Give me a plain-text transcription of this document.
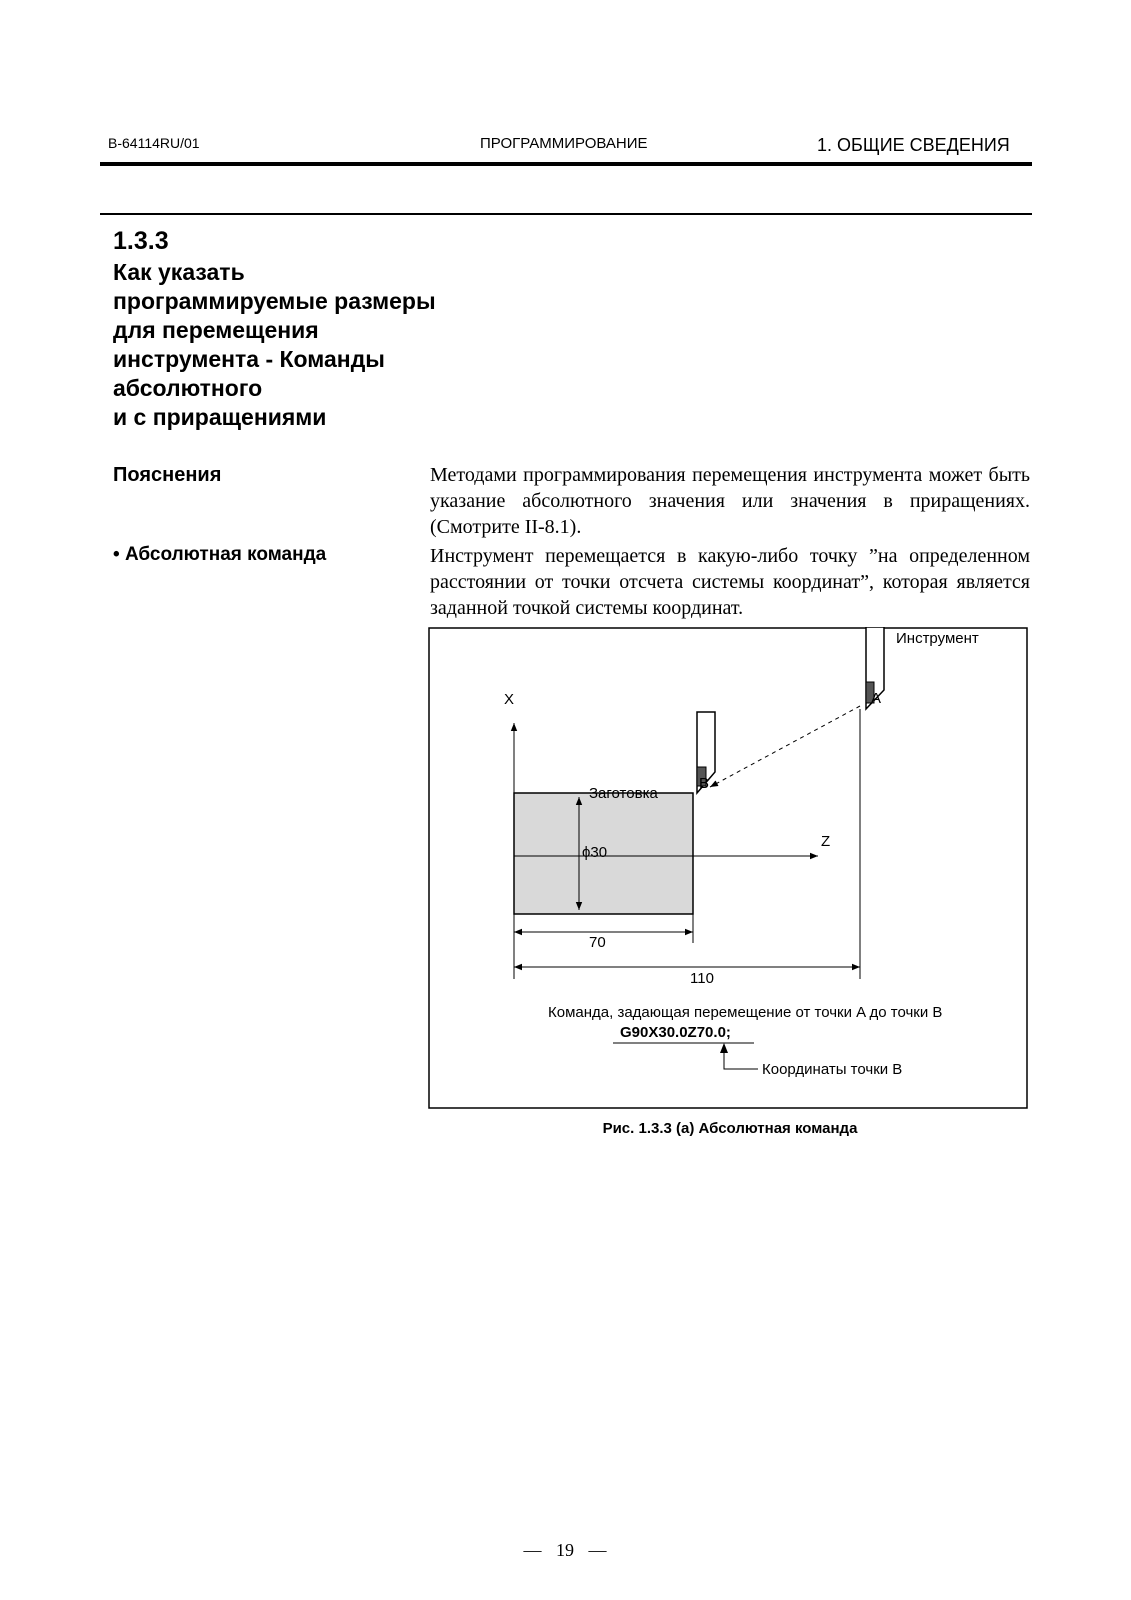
B-64114RU/01	ПРОГРАММИРОВАНИЕ	1. ОБЩИЕ СВЕДЕНИЯ
1.3.3
Как указать
программируемые размеры
для перемещения
инструмента - Команды
абсолютного
и с приращениями
Пояснения	Методами программирования перемещения инструмента может быть указание абсолютного значения или значения в приращениях. (Смотрите II-8.1).
• Абсолютная команда	Инструмент перемещается в какую-либо точку ”на определенном расстоянии от точки отсчета системы координат”, которая является заданной точкой системы координат.
Инструмент
A
X
B
Заготовка
Z
ϕ30
70
110
Команда, задающая перемещение от точки A до точки B
G90X30.0Z70.0;
Координаты точки B
Рис. 1.3.3 (а) Абсолютная команда
— 19 —
